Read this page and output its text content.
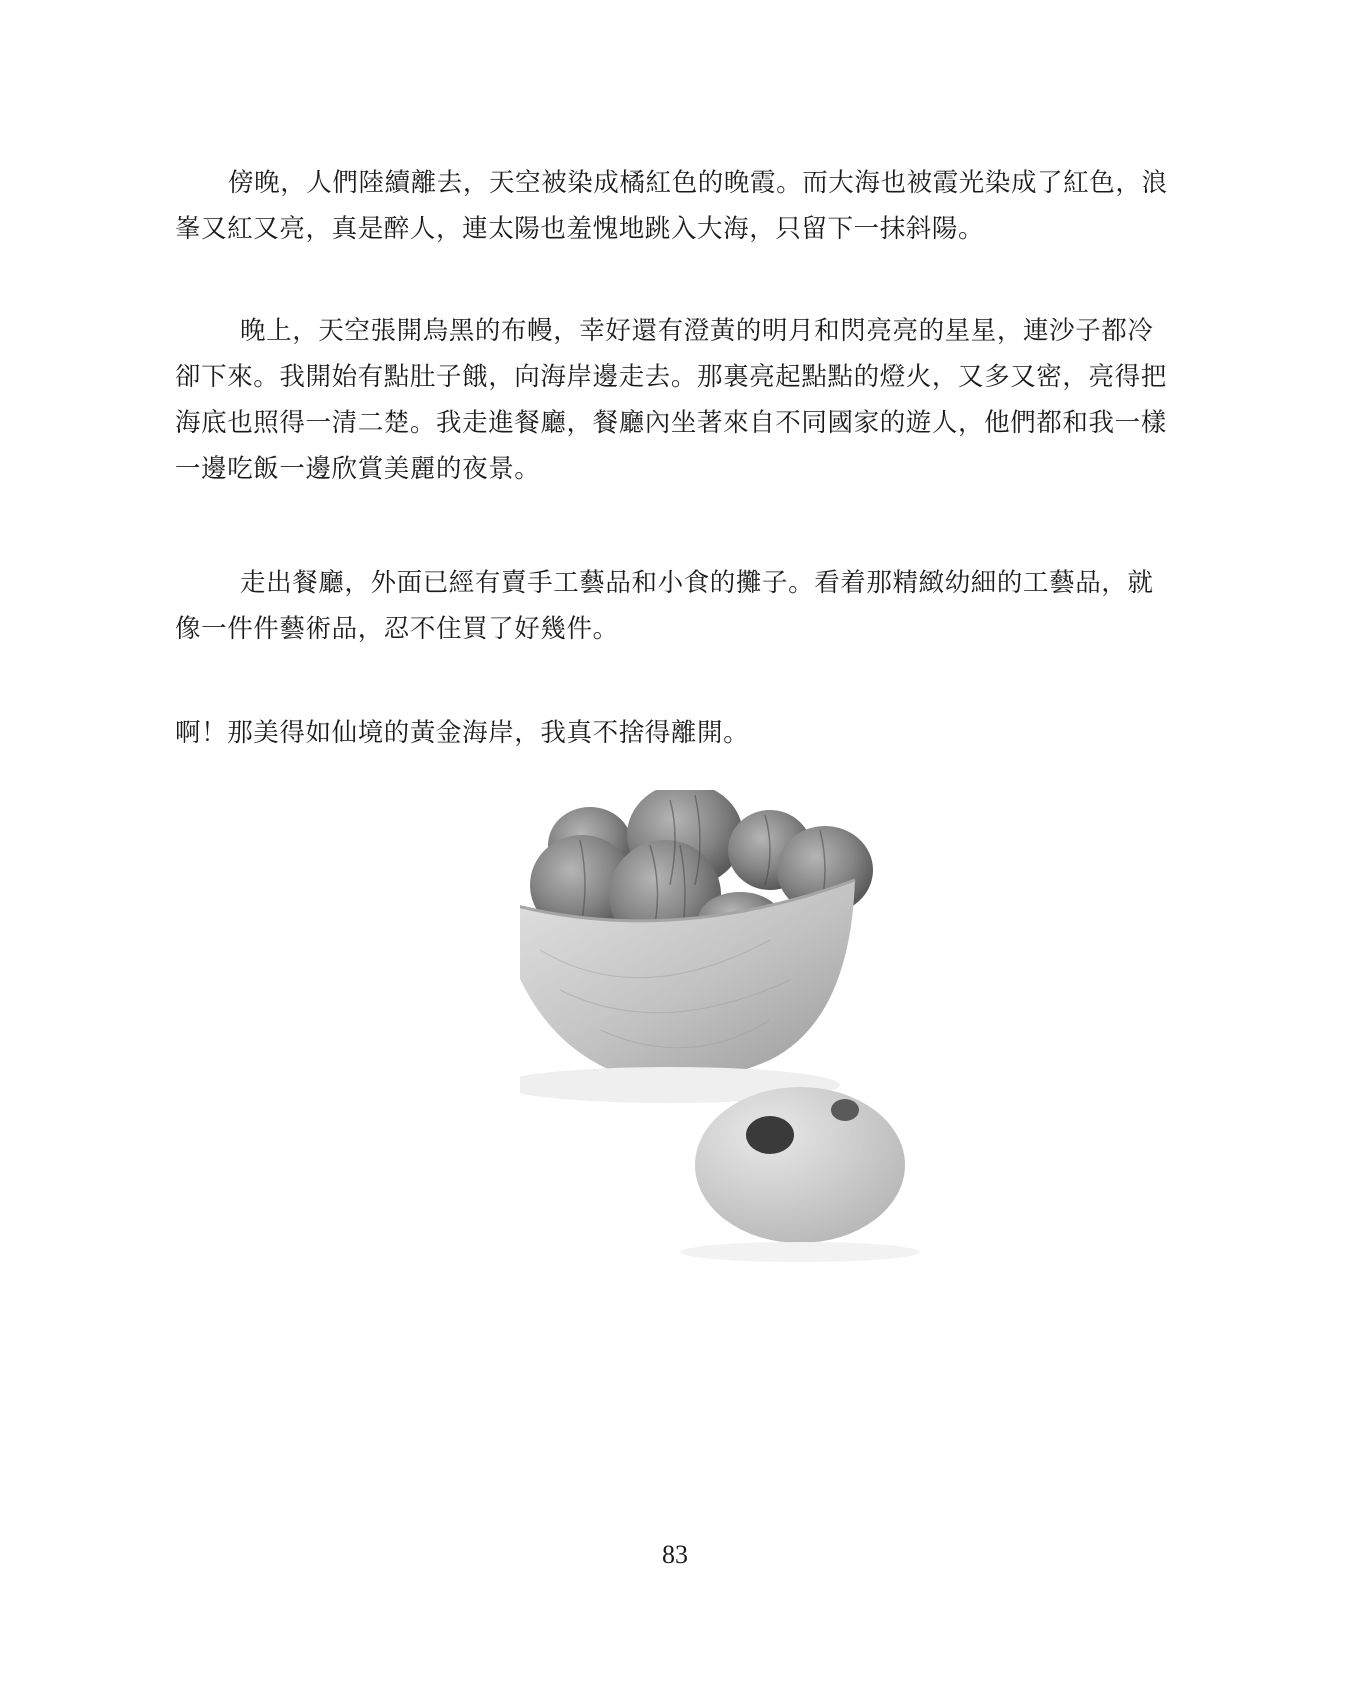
傍晚，人們陸續離去，天空被染成橘紅色的晚霞。而大海也被霞光染成了紅色，浪
峯又紅又亮，真是醉人，連太陽也羞愧地跳入大海，只留下一抹斜陽。
晚上，天空張開烏黑的布幔，幸好還有澄黃的明月和閃亮亮的星星，連沙子都冷
卻下來。我開始有點肚子餓，向海岸邊走去。那裏亮起點點的燈火，又多又密，亮得把
海底也照得一清二楚。我走進餐廳，餐廳內坐著來自不同國家的遊人，他們都和我一樣
一邊吃飯一邊欣賞美麗的夜景。
走出餐廳，外面已經有賣手工藝品和小食的攤子。看着那精緻幼細的工藝品，就
像一件件藝術品，忍不住買了好幾件。
啊！那美得如仙境的黃金海岸，我真不捨得離開。
83
